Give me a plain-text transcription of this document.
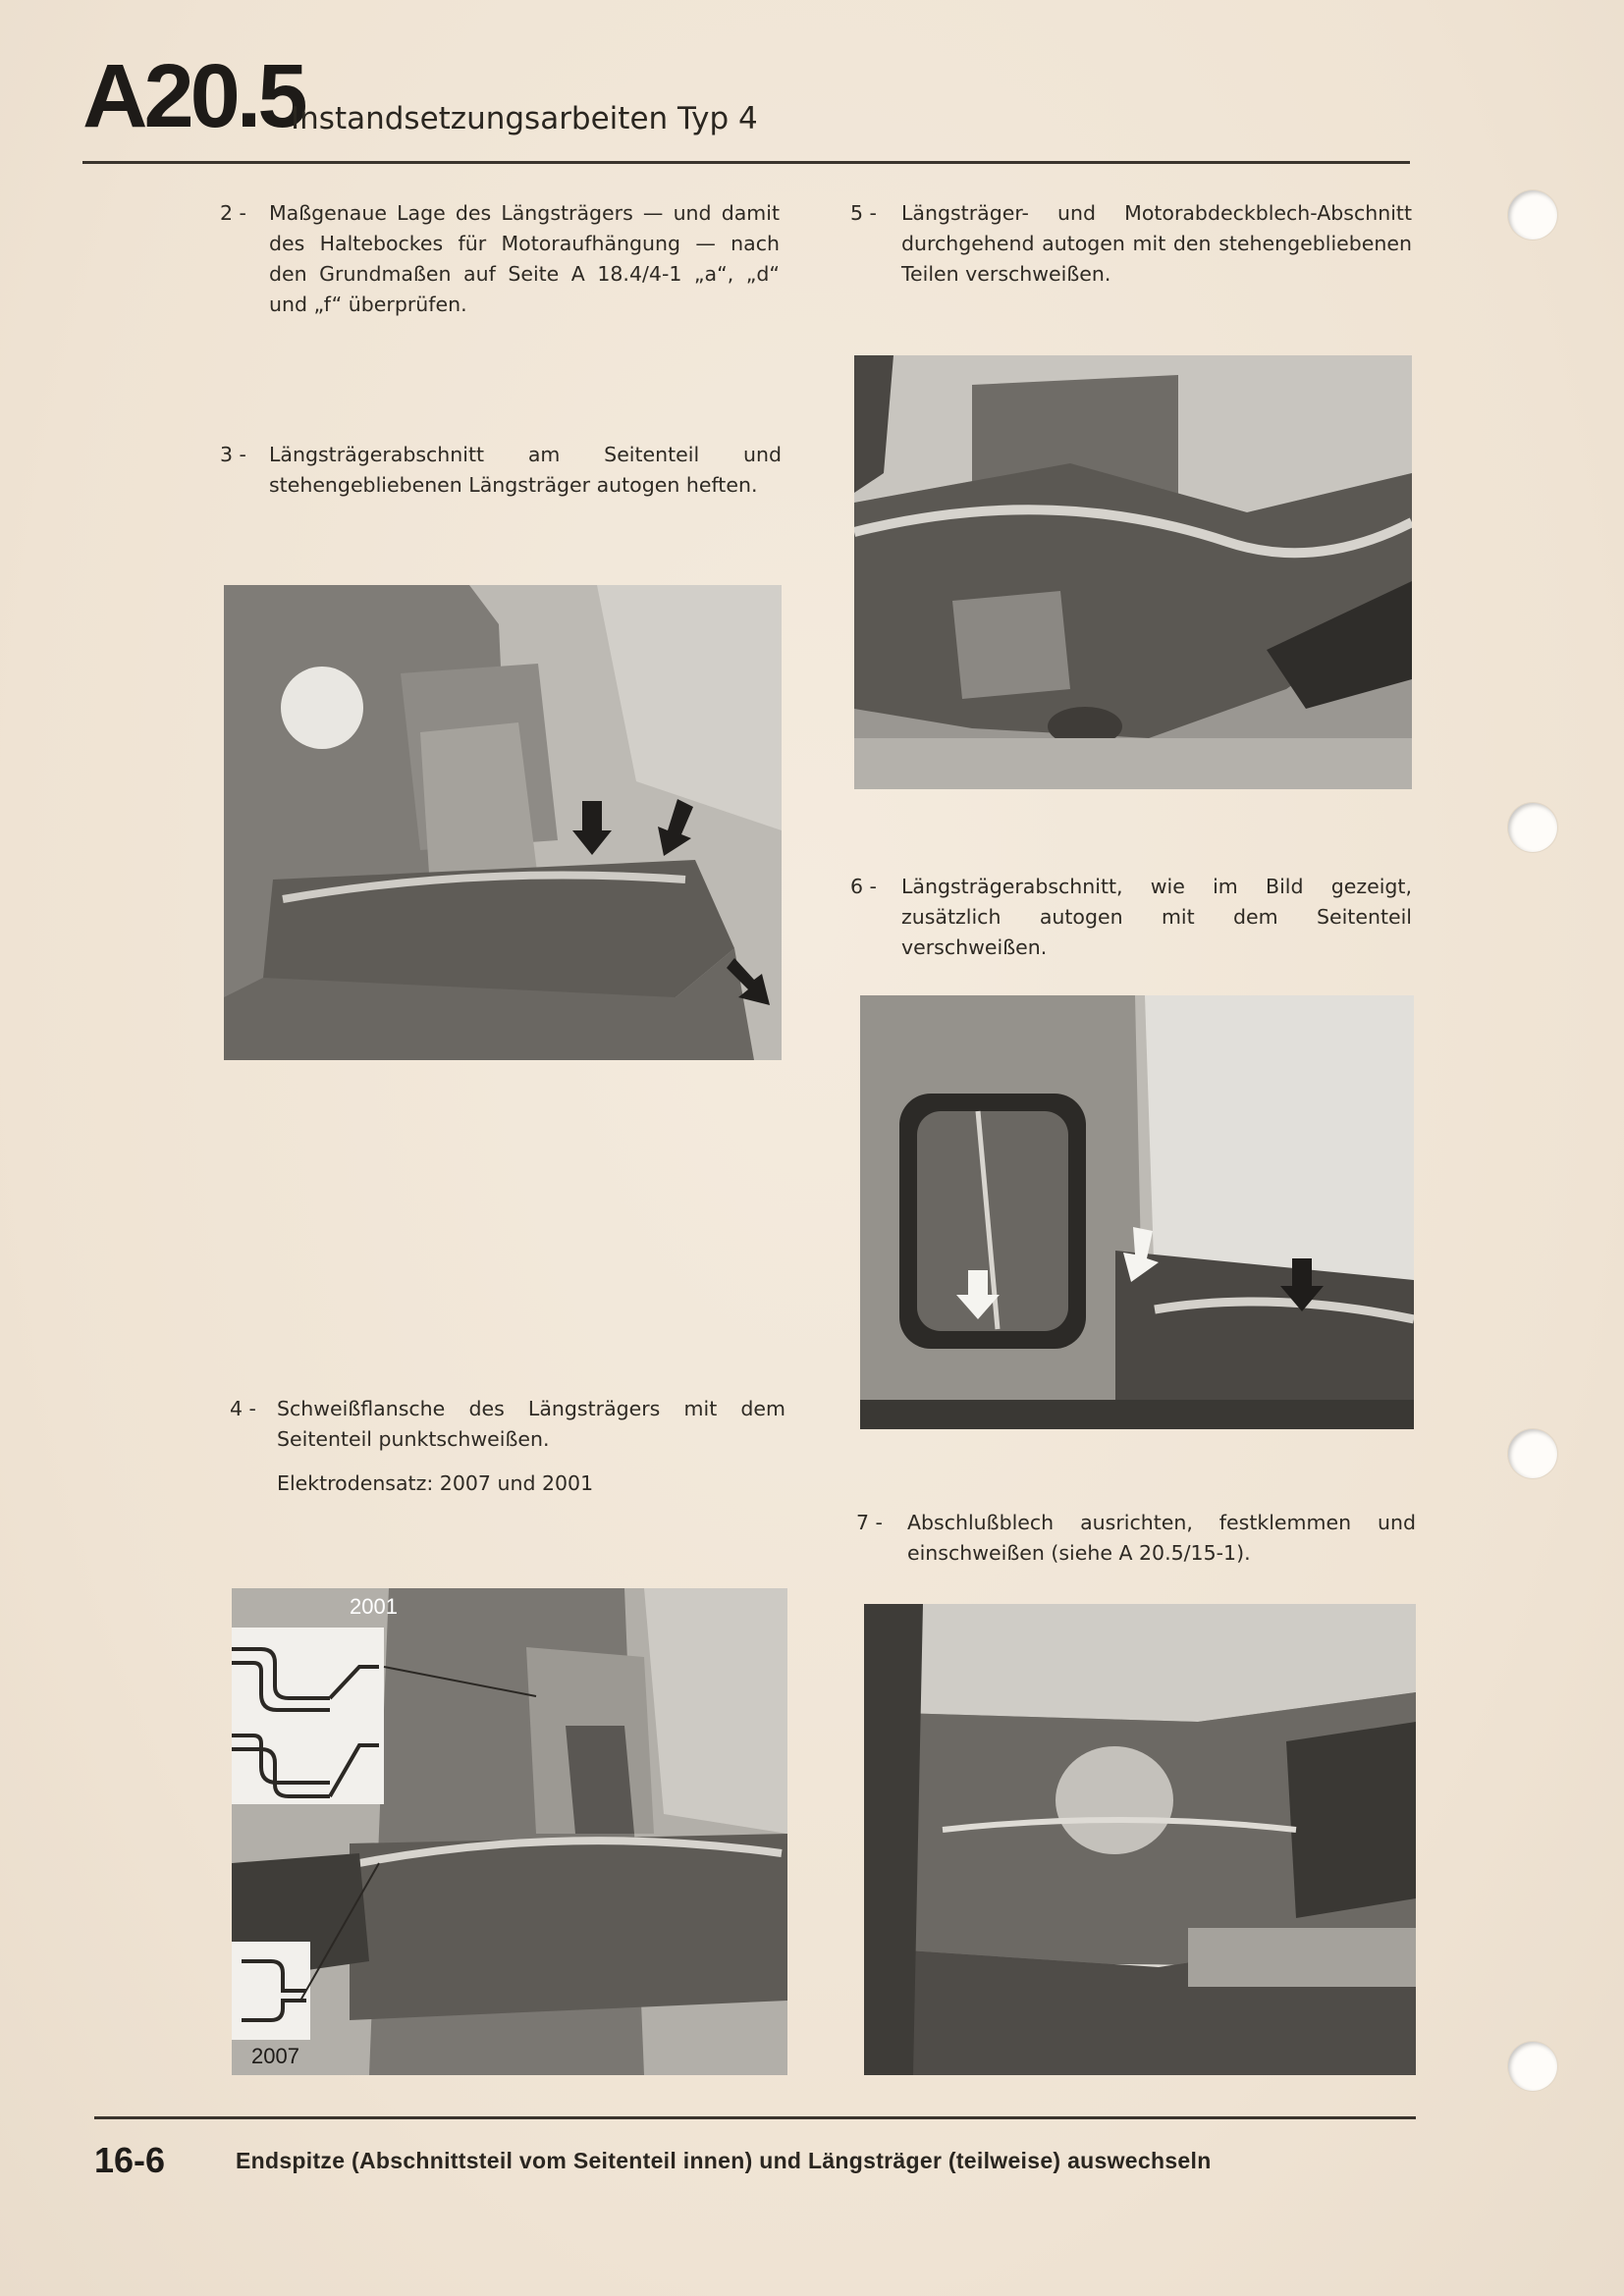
A20.5
Instandsetzungsarbeiten Typ 4
2 - Maßgenaue Lage des Längsträgers — und damit des Haltebockes für Motoraufhängung — nach den Grundmaßen auf Seite A 18.4/4-1 „a“, „d“ und „f“ überprüfen.
5 - Längsträger- und Motorabdeckblech-Abschnitt durchgehend autogen mit den stehengebliebenen Teilen verschweißen.
3 - Längsträgerabschnitt am Seitenteil und stehengebliebenen Längsträger autogen heften.
6 - Längsträgerabschnitt, wie im Bild gezeigt, zusätzlich autogen mit dem Seitenteil verschweißen.
4 - Schweißflansche des Längsträgers mit dem Seitenteil punktschweißen.
Elektrodensatz: 2007 und 2001
7 - Abschlußblech ausrichten, festklemmen und einschweißen (siehe A 20.5/15-1).
2001
2007
16-6	Endspitze (Abschnittsteil vom Seitenteil innen) und Längsträger (teilweise) auswechseln
